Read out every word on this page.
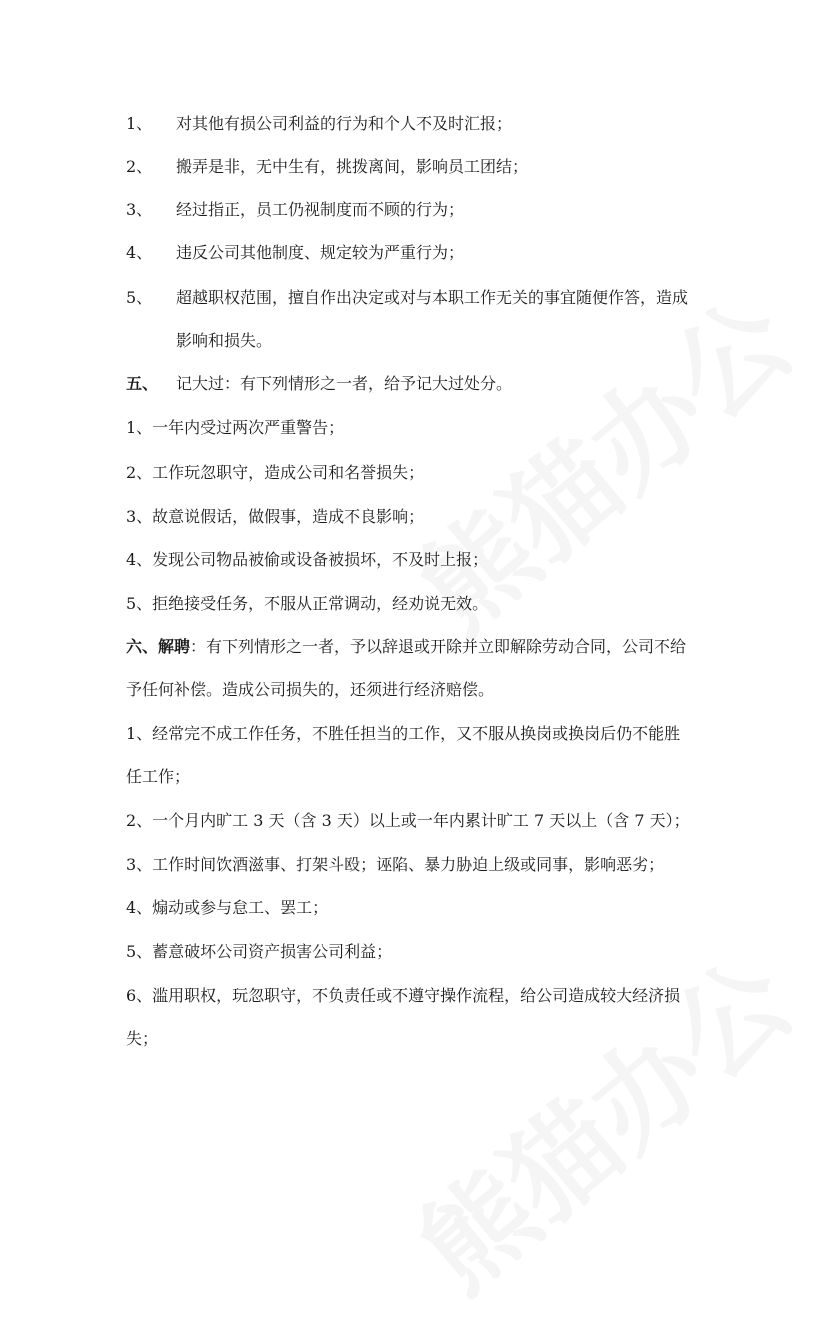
1、 对其他有损公司利益的行为和个人不及时汇报；
2、 搬弄是非，无中生有，挑拨离间，影响员工团结；
3、 经过指正，员工仍视制度而不顾的行为；
4、 违反公司其他制度、规定较为严重行为；
5、 超越职权范围，擅自作出决定或对与本职工作无关的事宜随便作答，造成
影响和损失。
五、 记大过：有下列情形之一者，给予记大过处分。
1、一年内受过两次严重警告；
2、工作玩忽职守，造成公司和名誉损失；
3、故意说假话，做假事，造成不良影响；
4、发现公司物品被偷或设备被损坏，不及时上报；
5、拒绝接受任务，不服从正常调动，经劝说无效。
六、解聘：有下列情形之一者，予以辞退或开除并立即解除劳动合同，公司不给
予任何补偿。造成公司损失的，还须进行经济赔偿。
1、经常完不成工作任务，不胜任担当的工作，又不服从换岗或换岗后仍不能胜
任工作；
2、一个月内旷工 3 天（含 3 天）以上或一年内累计旷工 7 天以上（含 7 天）；
3、工作时间饮酒滋事、打架斗殴；诬陷、暴力胁迫上级或同事，影响恶劣；
4、煽动或参与怠工、罢工；
5、蓄意破坏公司资产损害公司利益；
6、滥用职权，玩忽职守，不负责任或不遵守操作流程，给公司造成较大经济损
失；
